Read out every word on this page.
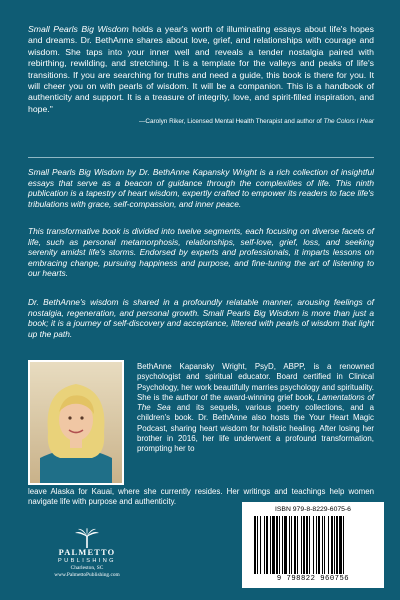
Small Pearls Big Wisdom holds a year's worth of illuminating essays about life's hopes and dreams. Dr. BethAnne shares about love, grief, and relationships with courage and wisdom. She taps into your inner well and reveals a tender nostalgia paired with rebirthing, rewilding, and stretching. It is a template for the valleys and peaks of life's transitions. If you are searching for truths and need a guide, this book is there for you. It will cheer you on with pearls of wisdom. It will be a companion. This is a handbook of authenticity and support. It is a treasure of integrity, love, and spirit-filled inspiration, and hope."

—Carolyn Riker, Licensed Mental Health Therapist and author of The Colors I Hear

Small Pearls Big Wisdom by Dr. BethAnne Kapansky Wright is a rich collection of insightful essays that serve as a beacon of guidance through the complexities of life. This ninth publication is a tapestry of heart wisdom, expertly crafted to empower its readers to face life's tribulations with grace, self-compassion, and inner peace.

This transformative book is divided into twelve segments, each focusing on diverse facets of life, such as personal metamorphosis, relationships, self-love, grief, loss, and seeking serenity amidst life's storms. Endorsed by experts and professionals, it imparts lessons on embracing change, pursuing happiness and purpose, and fine-tuning the art of listening to our hearts.

Dr. BethAnne's wisdom is shared in a profoundly relatable manner, arousing feelings of nostalgia, regeneration, and personal growth. Small Pearls Big Wisdom is more than just a book; it is a journey of self-discovery and acceptance, littered with pearls of wisdom that light up the path.

BethAnne Kapansky Wright, PsyD, ABPP, is a renowned psychologist and spiritual educator. Board certified in Clinical Psychology, her work beautifully marries psychology and spirituality. She is the author of the award-winning grief book, Lamentations of The Sea and its sequels, various poetry collections, and a children's book. Dr. BethAnne also hosts the Your Heart Magic Podcast, sharing heart wisdom for holistic healing. After losing her brother in 2016, her life underwent a profound transformation, prompting her to

leave Alaska for Kauai, where she currently resides. Her writings and teachings help women navigate life with purpose and authenticity.
PALMETTO
PUBLISHING
Charleston, SC
www.PalmettoPublishing.com
ISBN 979-8-8229-6075-6
9 798822 960756
